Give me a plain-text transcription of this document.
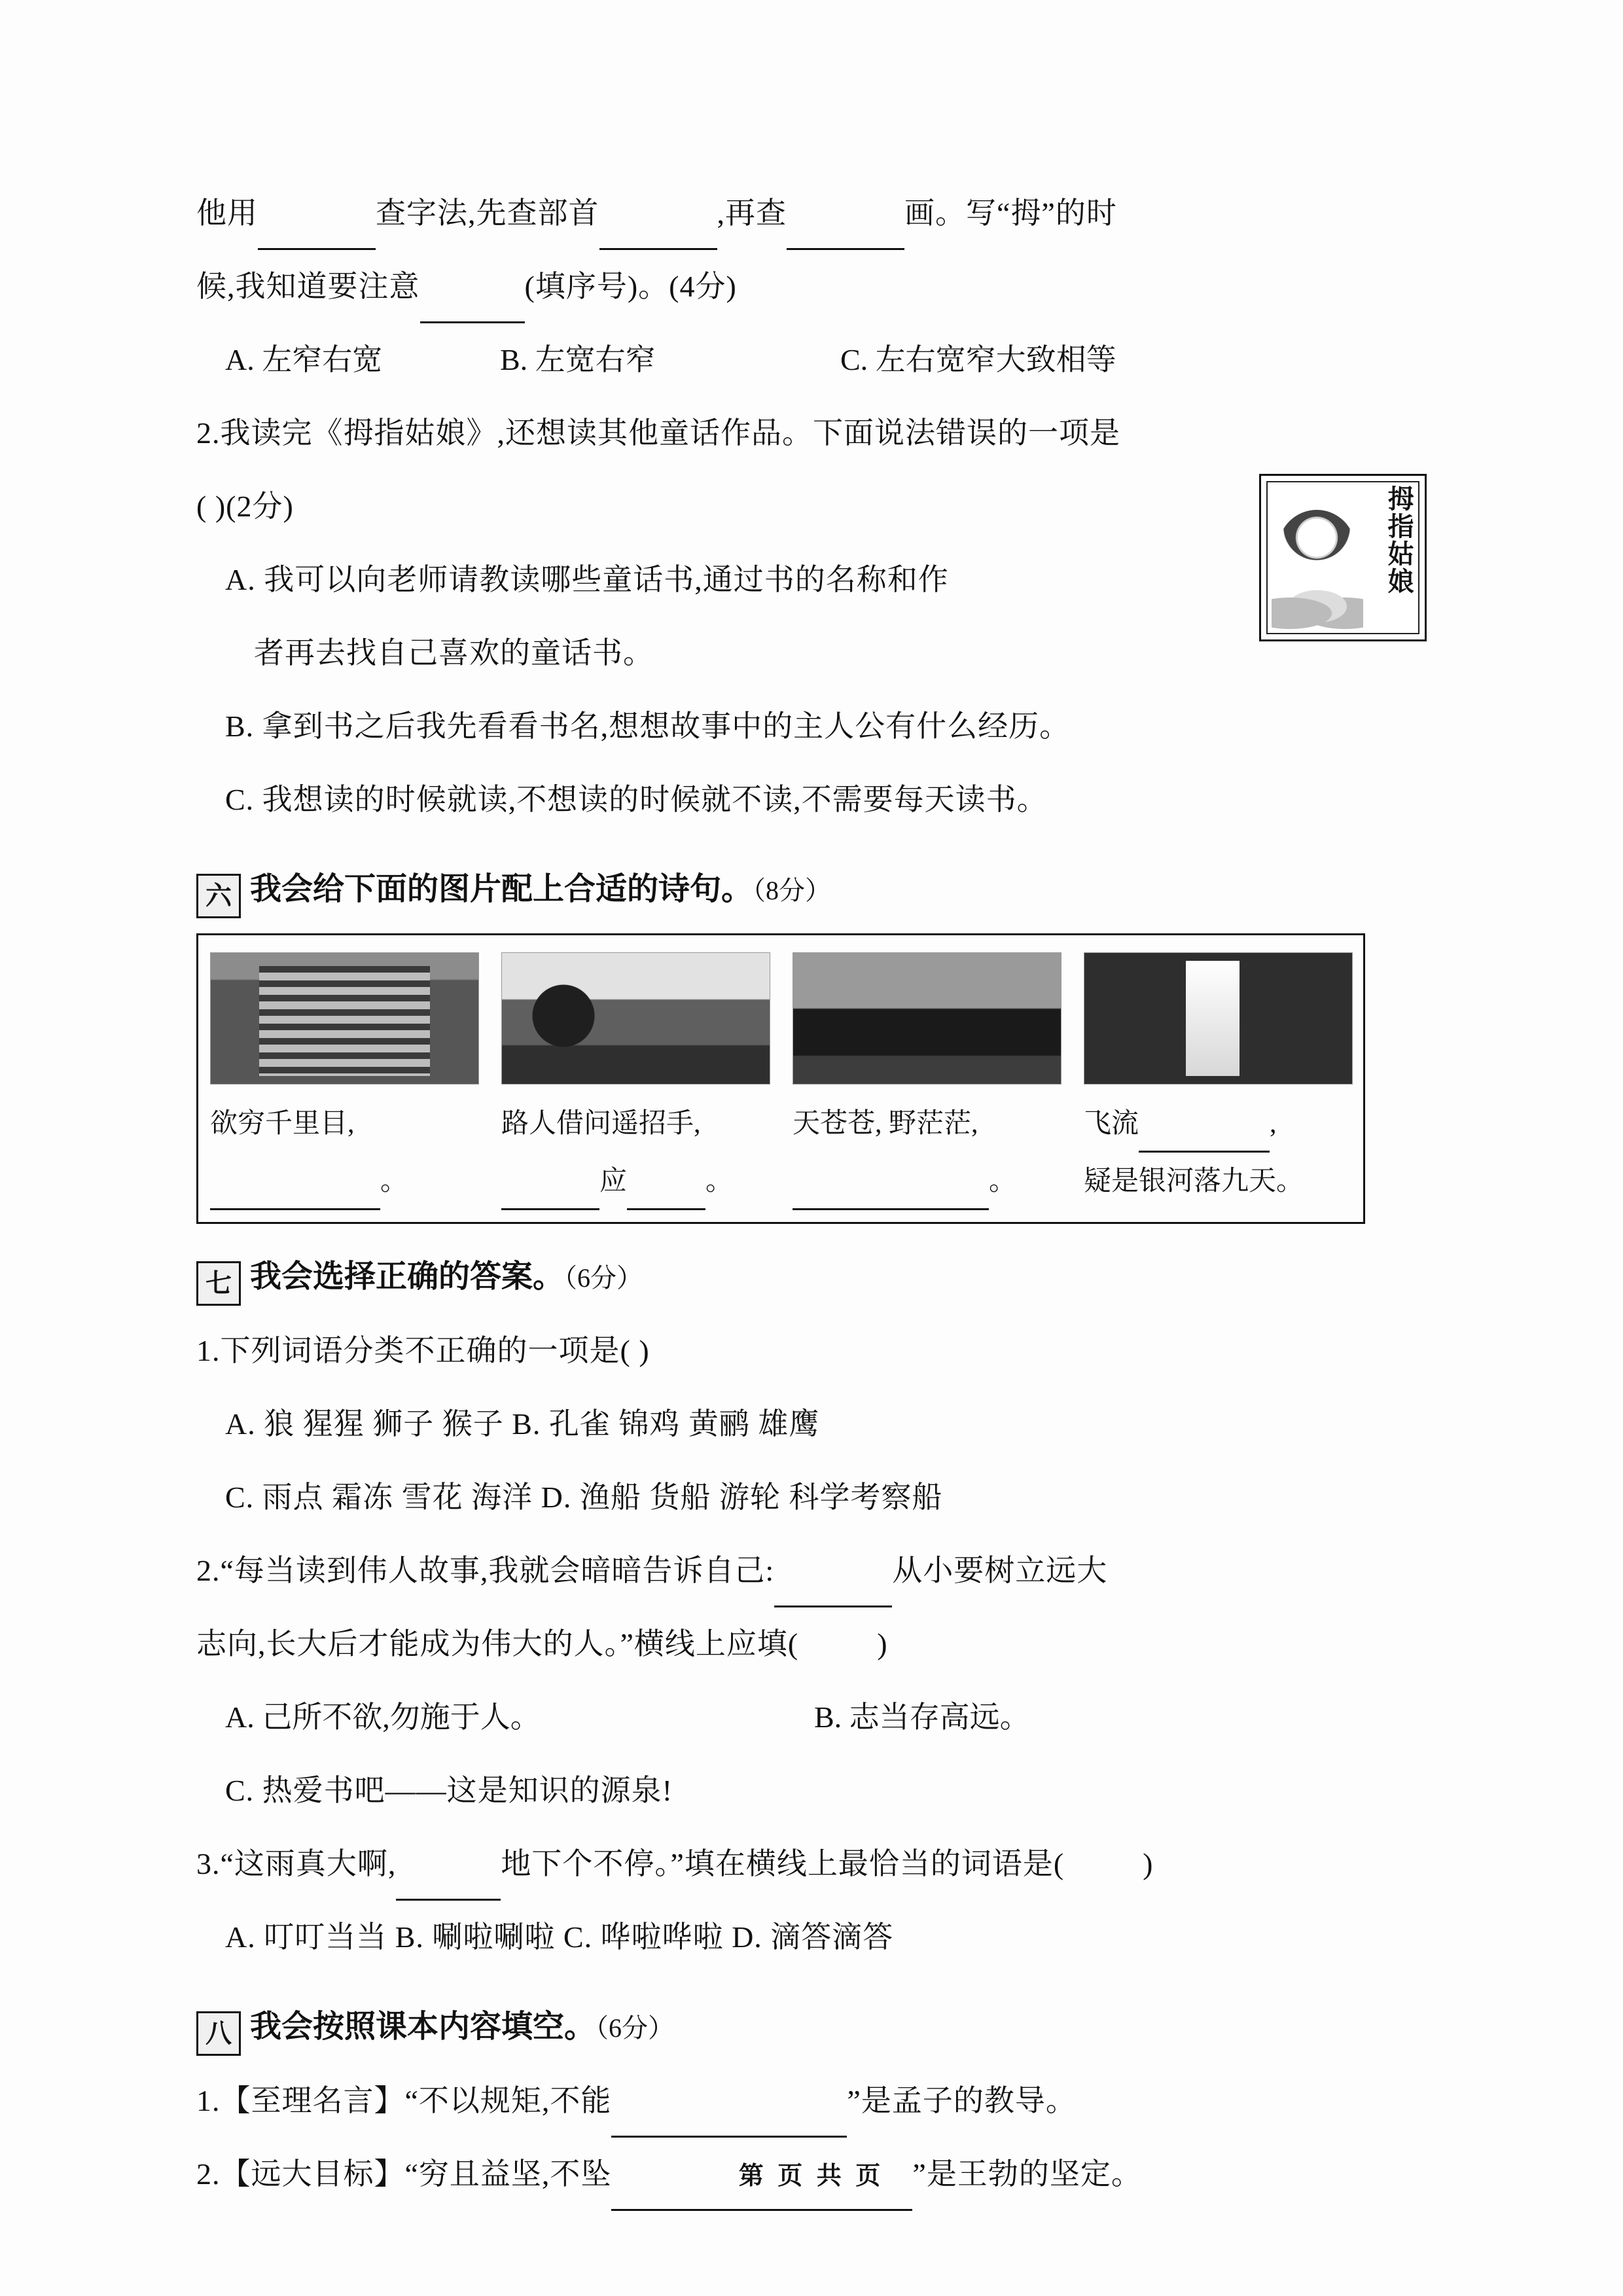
他用	查字法,先查部首	,再查	画。写“拇”的时
候,我知道要注意	(填序号)。(4分)
A. 左窄右宽	B. 左宽右窄	C. 左右宽窄大致相等
2.我读完《拇指姑娘》,还想读其他童话作品。下面说法错误的一项是
( )(2分)	拇指姑娘
A. 我可以向老师请教读哪些童话书,通过书的名称和作
者再去找自己喜欢的童话书。
B. 拿到书之后我先看看书名,想想故事中的主人公有什么经历。
C. 我想读的时候就读,不想读的时候就不读,不需要每天读书。
六 我会给下面的图片配上合适的诗句。（8分）
欲穷千里目,
。
路人借问遥招手,
应	。
天苍苍, 野茫茫,
。
飞流	,
疑是银河落九天。
七 我会选择正确的答案。（6分）
1.下列词语分类不正确的一项是( )
A. 狼 猩猩 狮子 猴子 B. 孔雀 锦鸡 黄鹂 雄鹰
C. 雨点 霜冻 雪花 海洋 D. 渔船 货船 游轮 科学考察船
2.“每当读到伟人故事,我就会暗暗告诉自己:	从小要树立远大
志向,长大后才能成为伟大的人。”横线上应填(	)
A. 己所不欲,勿施于人。	B. 志当存高远。
C. 热爱书吧——这是知识的源泉!
3.“这雨真大啊,	地下个不停。”填在横线上最恰当的词语是(	)
A. 叮叮当当 B. 唰啦唰啦 C. 哗啦哗啦 D. 滴答滴答
八 我会按照课本内容填空。（6分）
1.【至理名言】“不以规矩,不能	”是孟子的教导。
2.【远大目标】“穷且益坚,不坠	”是王勃的坚定。
第 页 共 页
